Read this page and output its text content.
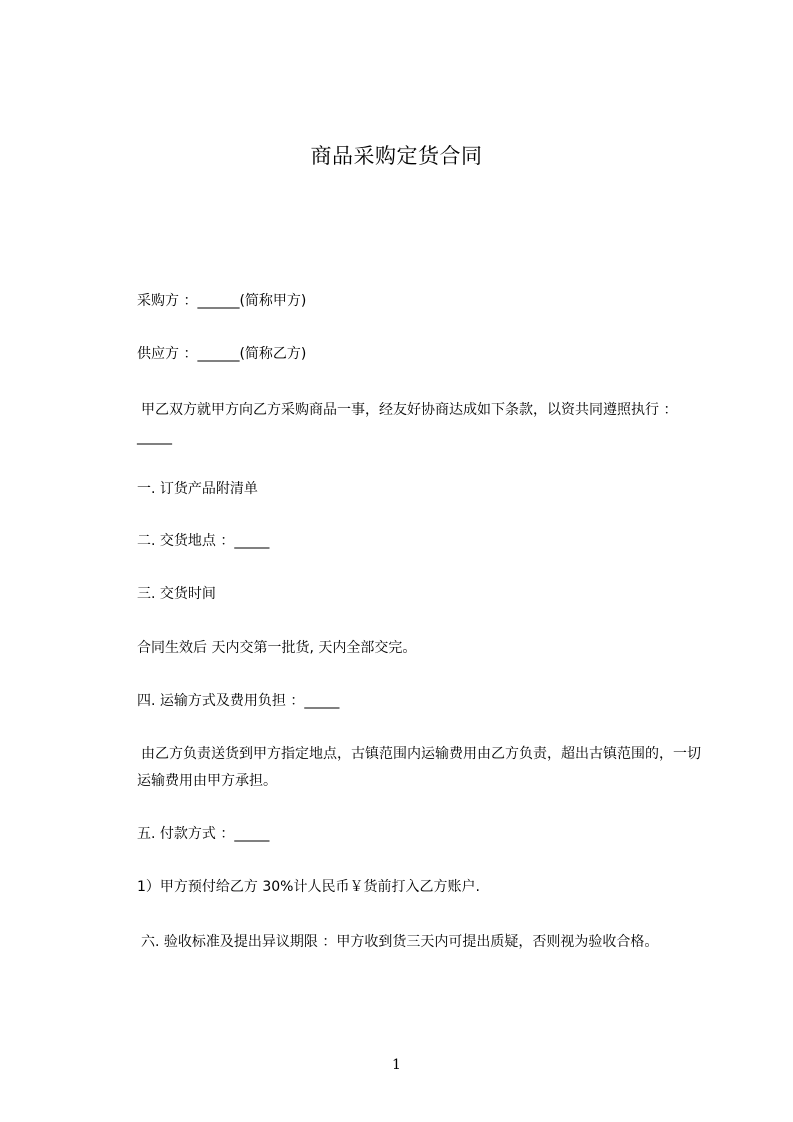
商品采购定货合同
采购方 ：______(简称甲方)
供应方 ：______(简称乙方)
甲乙双方就甲方向乙方采购商品一事，经友好协商达成如下条款，以资共同遵照执行 ：_____
一. 订货产品附清单
二. 交货地点 ：_____
三. 交货时间
合同生效后 天内交第一批货, 天内全部交完。
四. 运输方式及费用负担 ：_____
由乙方负责送货到甲方指定地点，古镇范围内运输费用由乙方负责，超出古镇范围的，一切运输费用由甲方承担。
五. 付款方式 ：_____
1）甲方预付给乙方 30%计人民币￥货前打入乙方账户.
六. 验收标准及提出异议期限 ：甲方收到货三天内可提出质疑，否则视为验收合格。
1
